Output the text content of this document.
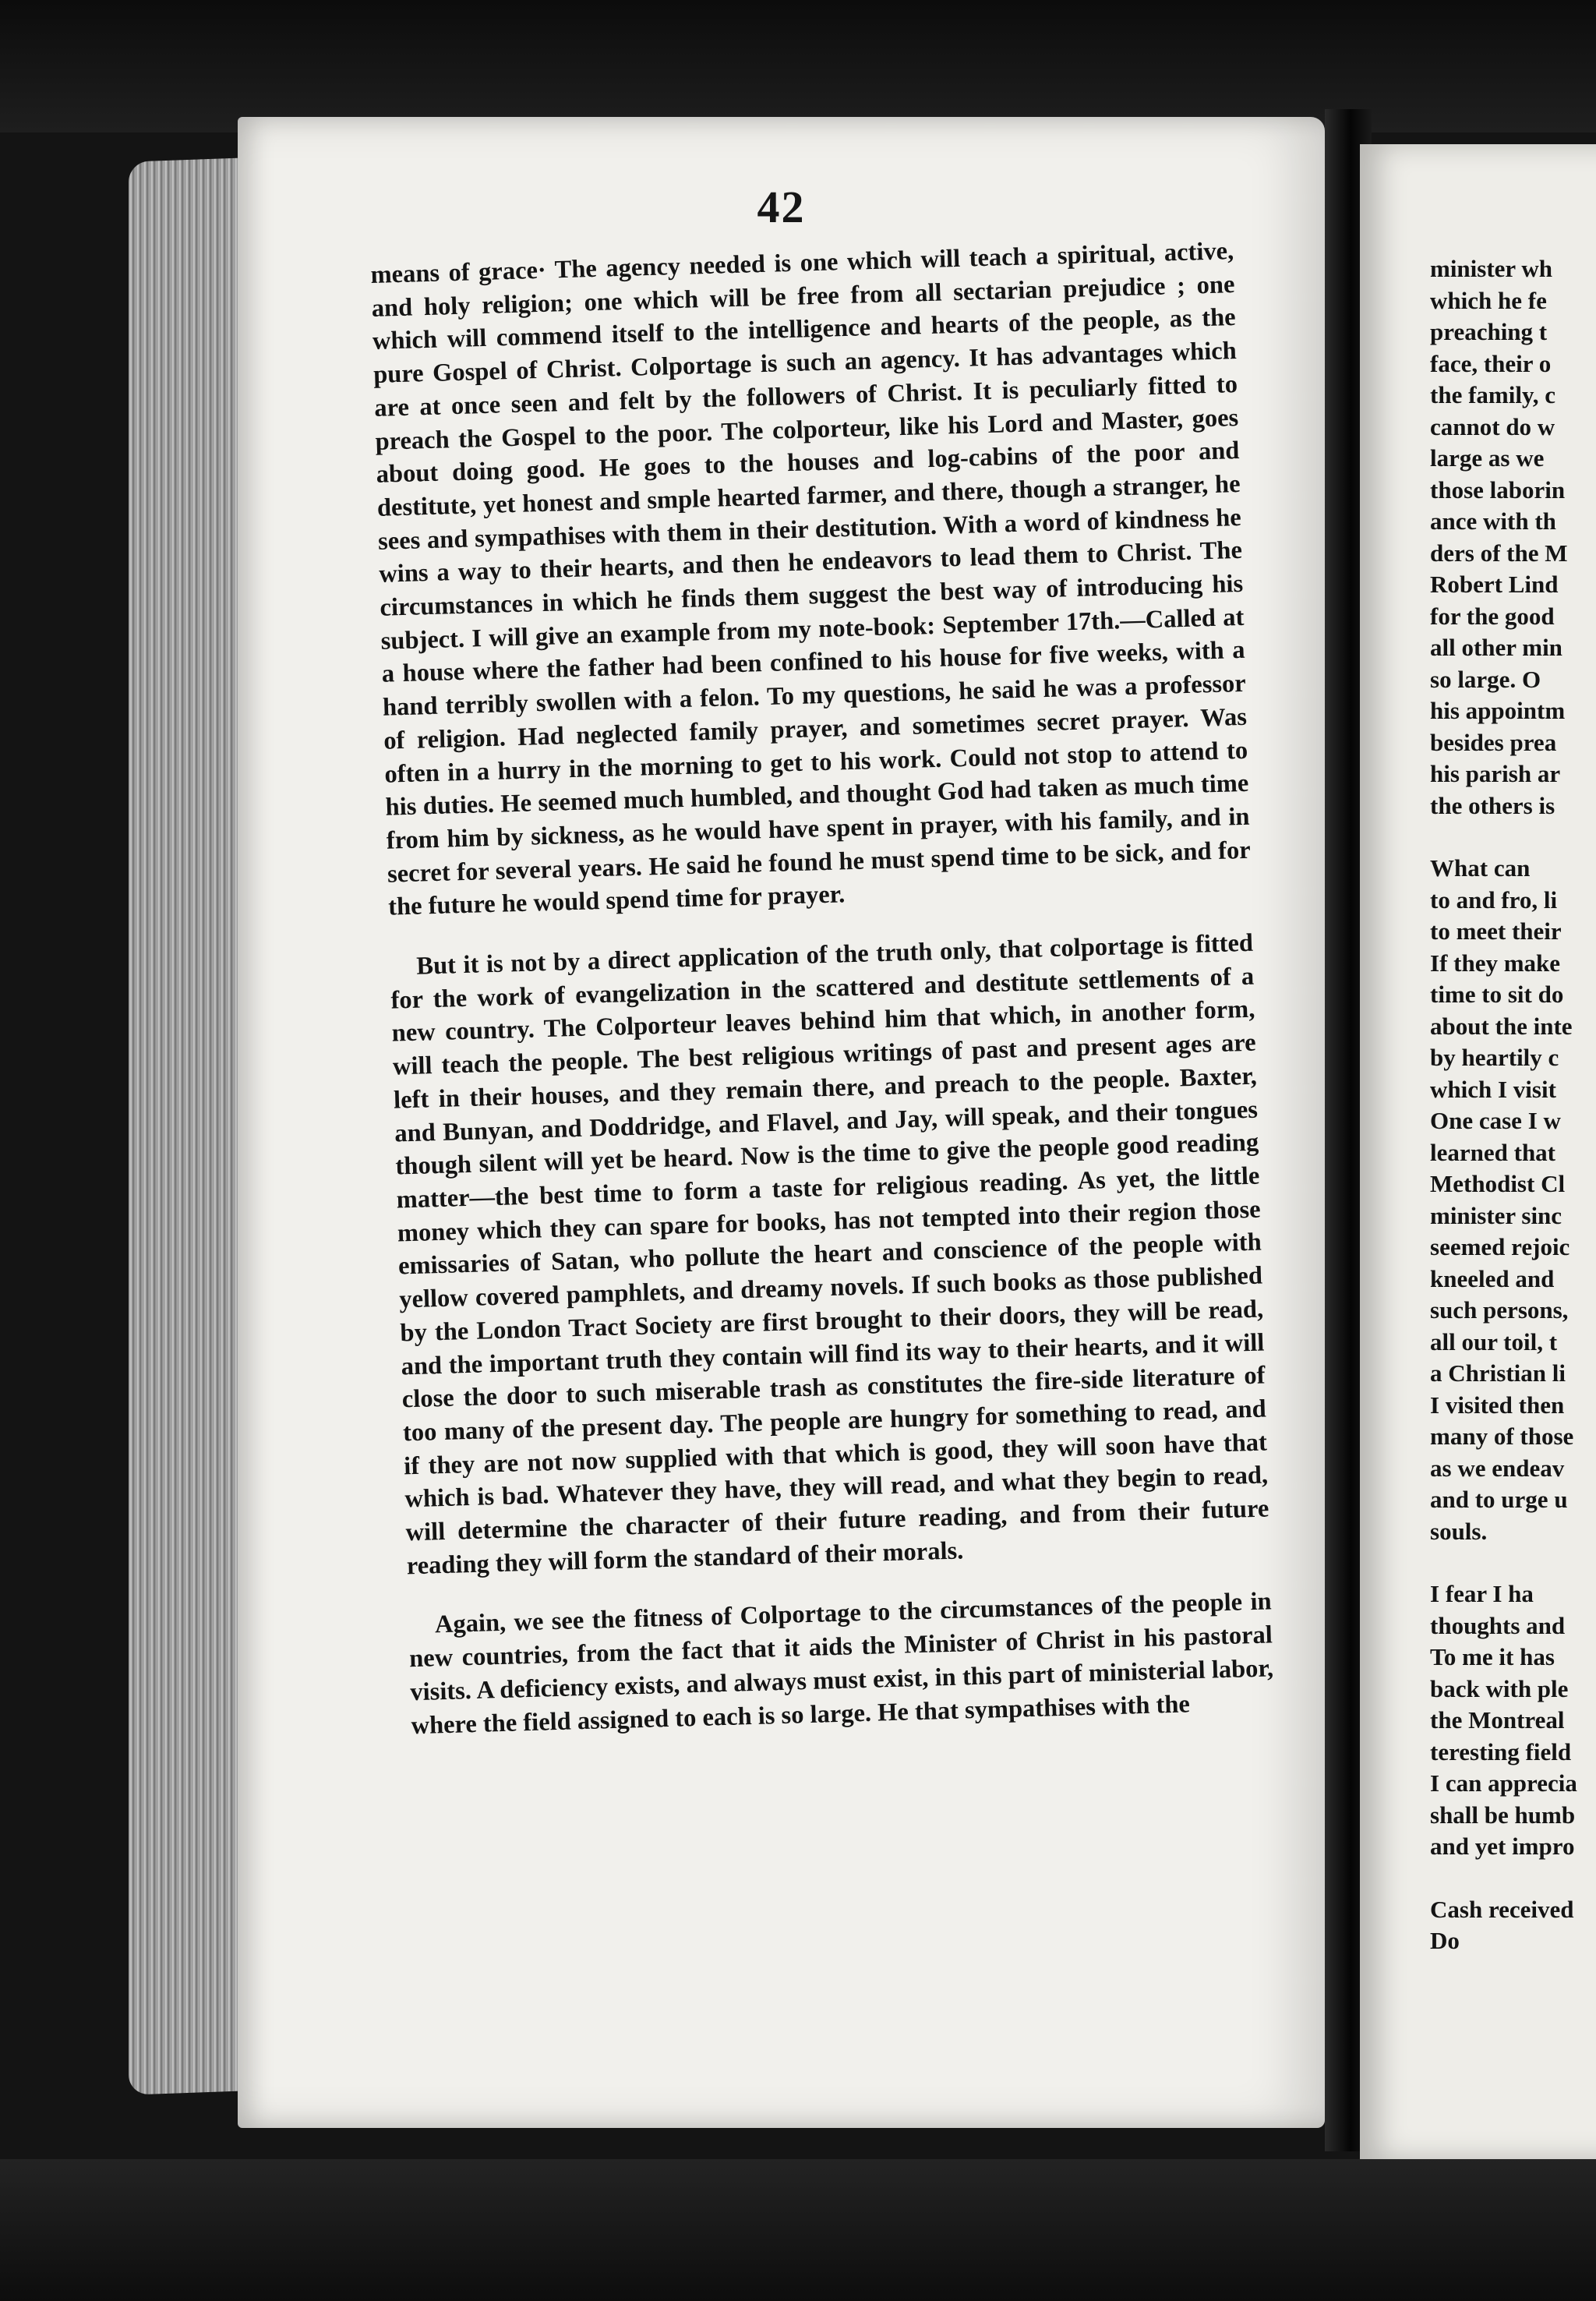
42

means of grace· The agency needed is one which will teach a spiritual, active, and holy religion; one which will be free from all sectarian prejudice ; one which will commend itself to the intelligence and hearts of the people, as the pure Gospel of Christ. Colportage is such an agency. It has advantages which are at once seen and felt by the followers of Christ. It is peculiarly fitted to preach the Gospel to the poor. The colporteur, like his Lord and Master, goes about doing good. He goes to the houses and log-cabins of the poor and destitute, yet honest and smple hearted farmer, and there, though a stranger, he sees and sympathises with them in their destitution. With a word of kindness he wins a way to their hearts, and then he endeavors to lead them to Christ. The circumstances in which he finds them suggest the best way of introducing his subject. I will give an example from my note-book: September 17th.—Called at a house where the father had been confined to his house for five weeks, with a hand terribly swollen with a felon. To my questions, he said he was a professor of religion. Had neglected family prayer, and sometimes secret prayer. Was often in a hurry in the morning to get to his work. Could not stop to attend to his duties. He seemed much humbled, and thought God had taken as much time from him by sickness, as he would have spent in prayer, with his family, and in secret for several years. He said he found he must spend time to be sick, and for the future he would spend time for prayer.

But it is not by a direct application of the truth only, that colportage is fitted for the work of evangelization in the scattered and destitute settlements of a new country. The Colporteur leaves behind him that which, in another form, will teach the people. The best religious writings of past and present ages are left in their houses, and they remain there, and preach to the people. Baxter, and Bunyan, and Doddridge, and Flavel, and Jay, will speak, and their tongues though silent will yet be heard. Now is the time to give the people good reading matter—the best time to form a taste for religious reading. As yet, the little money which they can spare for books, has not tempted into their region those emissaries of Satan, who pollute the heart and conscience of the people with yellow covered pamphlets, and dreamy novels. If such books as those published by the London Tract Society are first brought to their doors, they will be read, and the important truth they contain will find its way to their hearts, and it will close the door to such miserable trash as constitutes the fire-side literature of too many of the present day. The people are hungry for something to read, and if they are not now supplied with that which is good, they will soon have that which is bad. Whatever they have, they will read, and what they begin to read, will determine the character of their future reading, and from their future reading they will form the standard of their morals.

Again, we see the fitness of Colportage to the circumstances of the people in new countries, from the fact that it aids the Minister of Christ in his pastoral visits. A deficiency exists, and always must exist, in this part of ministerial labor, where the field assigned to each is so large. He that sympathises with the

minister wh
which he fe
preaching t
face, their o
the family, c
cannot do w
large as we
those laborin
ance with th
ders of the M
Robert Lind
for the good
all other min
so large. O
his appointm
besides prea
his parish ar
the others is
What can
to and fro, li
to meet their
If they make
time to sit do
about the inte
by heartily c
which I visit
One case I w
learned that
Methodist Cl
minister sinc
seemed rejoic
kneeled and
such persons,
all our toil, t
a Christian li
I visited then
many of those
as we endeav
and to urge u
souls.
I fear I ha
thoughts and
To me it has
back with ple
the Montreal
teresting field
I can apprecia
shall be humb
and yet impro
Cash received
Do
